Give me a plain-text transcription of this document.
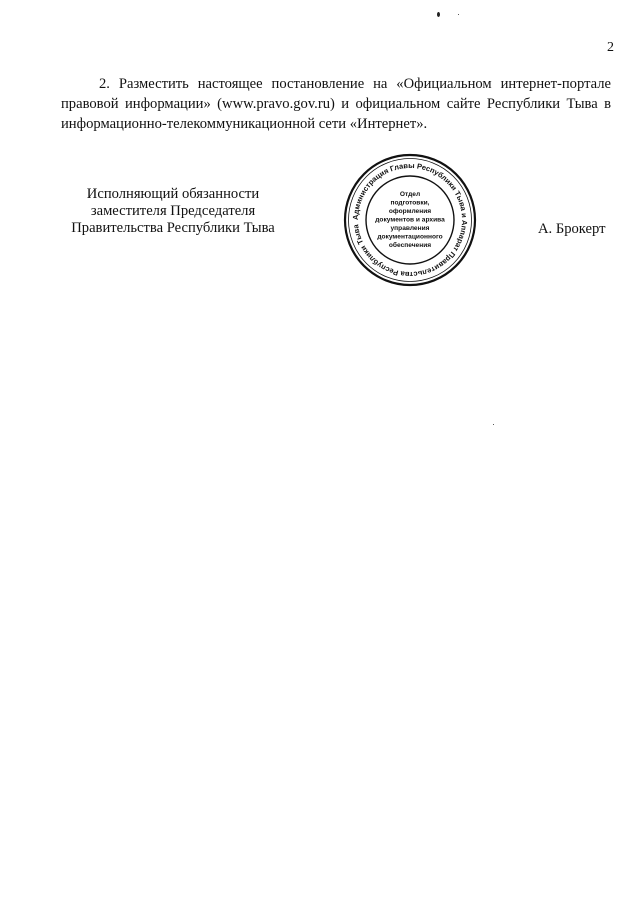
2

2. Разместить настоящее постановление на «Официальном интернет-портале правовой информации» (www.pravo.gov.ru) и официальном сайте Республики Тыва в информационно-телекоммуникационной сети «Интернет».

Исполняющий обязанности
заместителя Председателя
Правительства Республики Тыва
Администрация Главы Республики Тыва и Аппарат Правительства Республики Тыва
Отдел
подготовки,
оформления
документов и архива
управления
документационного
обеспечения
А. Брокерт
